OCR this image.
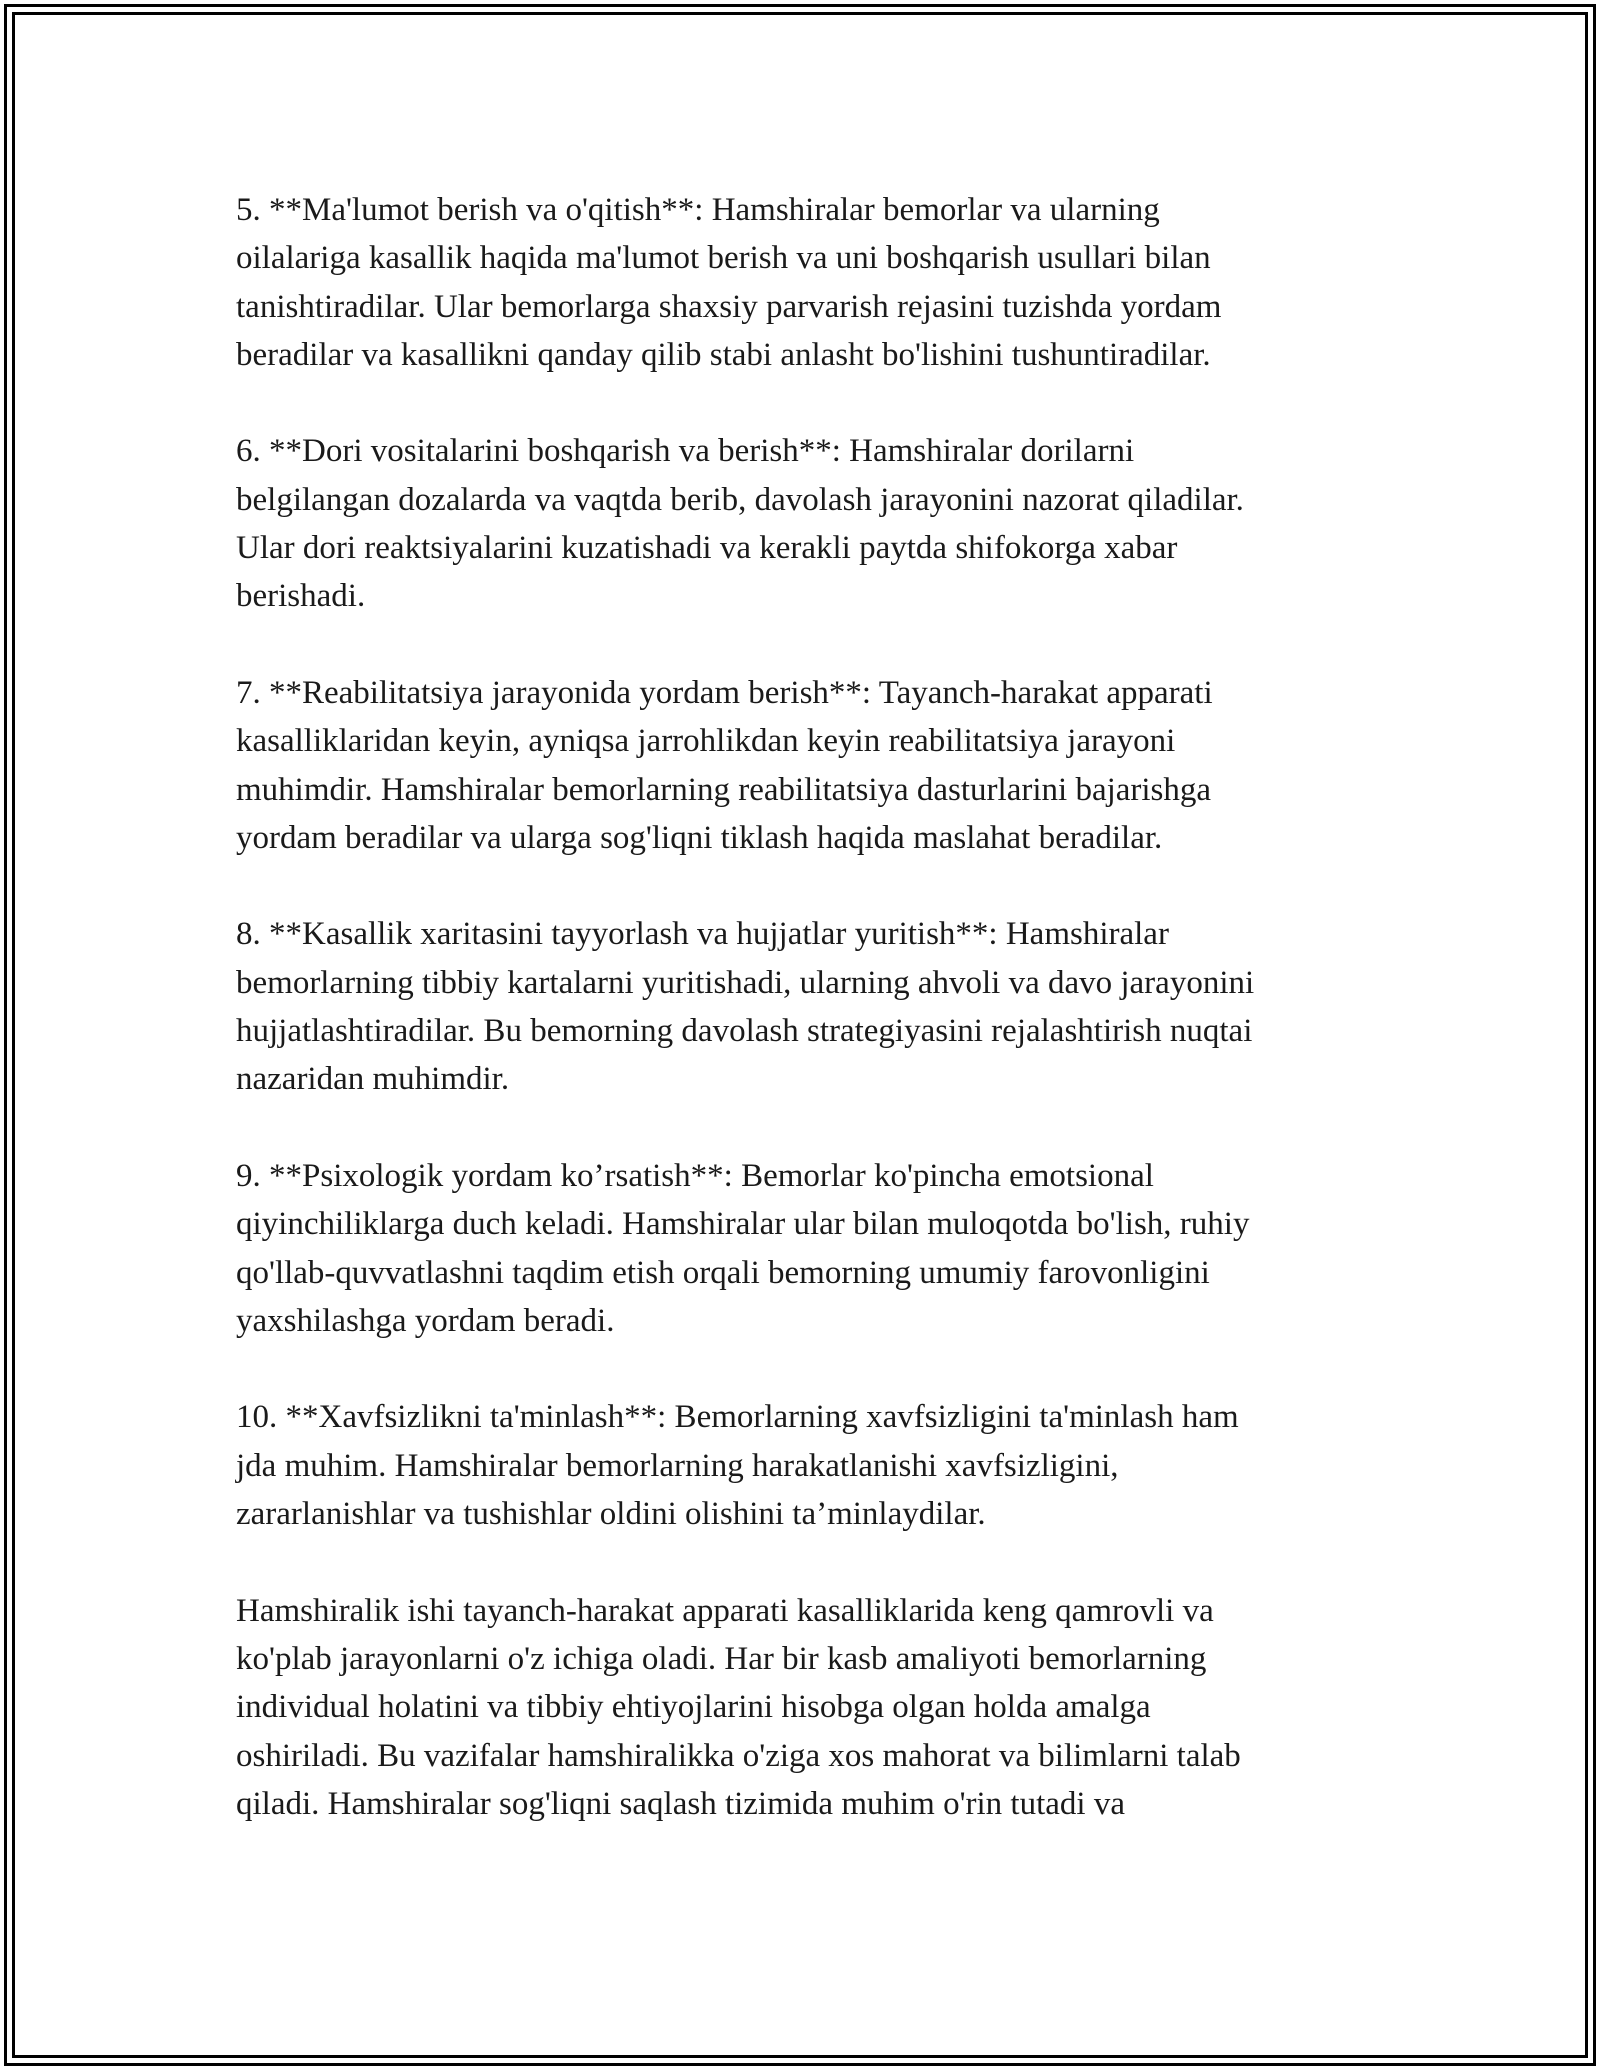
5. **Ma'lumot berish va o'qitish**: Hamshiralar bemorlar va ularning
oilalariga kasallik haqida ma'lumot berish va uni boshqarish usullari bilan
tanishtiradilar. Ular bemorlarga shaxsiy parvarish rejasini tuzishda yordam
beradilar va kasallikni qanday qilib stabi anlasht bo'lishini tushuntiradilar.

6. **Dori vositalarini boshqarish va berish**: Hamshiralar dorilarni
belgilangan dozalarda va vaqtda berib, davolash jarayonini nazorat qiladilar.
Ular dori reaktsiyalarini kuzatishadi va kerakli paytda shifokorga xabar
berishadi.

7. **Reabilitatsiya jarayonida yordam berish**: Tayanch-harakat apparati
kasalliklaridan keyin, ayniqsa jarrohlikdan keyin reabilitatsiya jarayoni
muhimdir. Hamshiralar bemorlarning reabilitatsiya dasturlarini bajarishga
yordam beradilar va ularga sog'liqni tiklash haqida maslahat beradilar.

8. **Kasallik xaritasini tayyorlash va hujjatlar yuritish**: Hamshiralar
bemorlarning tibbiy kartalarni yuritishadi, ularning ahvoli va davo jarayonini
hujjatlashtiradilar. Bu bemorning davolash strategiyasini rejalashtirish nuqtai
nazaridan muhimdir.

9. **Psixologik yordam ko’rsatish**: Bemorlar ko'pincha emotsional
qiyinchiliklarga duch keladi. Hamshiralar ular bilan muloqotda bo'lish, ruhiy
qo'llab-quvvatlashni taqdim etish orqali bemorning umumiy farovonligini
yaxshilashga yordam beradi.

10. **Xavfsizlikni ta'minlash**: Bemorlarning xavfsizligini ta'minlash ham
jda muhim. Hamshiralar bemorlarning harakatlanishi xavfsizligini,
zararlanishlar va tushishlar oldini olishini ta’minlaydilar.

Hamshiralik ishi tayanch-harakat apparati kasalliklarida keng qamrovli va
ko'plab jarayonlarni o'z ichiga oladi. Har bir kasb amaliyoti bemorlarning
individual holatini va tibbiy ehtiyojlarini hisobga olgan holda amalga
oshiriladi. Bu vazifalar hamshiralikka o'ziga xos mahorat va bilimlarni talab
qiladi. Hamshiralar sog'liqni saqlash tizimida muhim o'rin tutadi va
